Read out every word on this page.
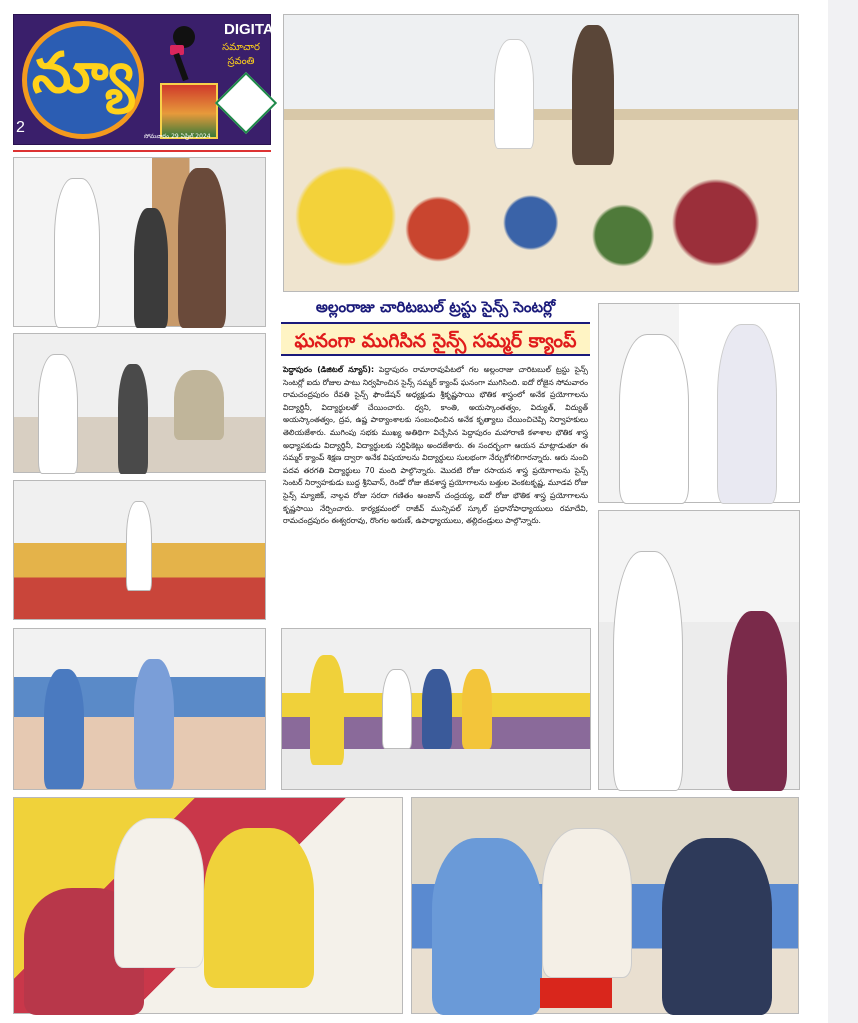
న్యూ
2
DIGITAL
సమాచార స్రవంతి
సోమవారం 29 ఏప్రిల్ 2024
అల్లంరాజు చారిటబుల్ ట్రస్టు సైన్స్ సెంటర్లో
ఘనంగా ముగిసిన సైన్స్ సమ్మర్ క్యాంప్
పెద్దాపురం (డిజిటల్ న్యూస్): పెద్దాపురం రామారావుపేటలో గల అల్లంరాజు చారిటబుల్ ట్రస్టు సైన్స్ సెంటర్లో ఐదు రోజుల పాటు నిర్వహించిన సైన్స్ సమ్మర్ క్యాంప్ ఘనంగా ముగిసింది. ఐదో రోజైన సోమవారం రామచంద్రపురం రేవతి సైన్స్ ఫౌండేషన్ అధ్యక్షుడు శ్రీకృష్ణసాయి భౌతిక శాస్త్రంలో అనేక ప్రయోగాలను విద్యార్థినీ, విద్యార్థులతో చేయించారు. ధ్వని, కాంతి, అయస్కాంతత్వం, విద్యుత్, విద్యుత్ అయస్కాంతత్వం, ద్రవ, ఉష్ణ పాఠ్యాంశాలకు సంబంధించిన అనేక కృత్యాలు చేయించిచెప్పి నిర్వాహకులు తెలియజేశారు. ముగింపు సభకు ముఖ్య అతిథిగా విచ్చేసిన పెద్దాపురం మహారాణి కళాశాల భౌతిక శాస్త్ర అధ్యాపకుడు విద్యార్థినీ, విద్యార్థులకు సర్టిఫికెట్లు అందజేశారు. ఈ సందర్భంగా ఆయన మాట్లాడుతూ ఈ సమ్మర్ క్యాంప్ శిక్షణ ద్వారా అనేక విషయాలను విద్యార్థులు సులభంగా నేర్చుకోగలిగారన్నారు. ఆరు నుంచి పదవ తరగతి విద్యార్థులు 70 మంది పాల్గొన్నారు. మొదటి రోజు రసాయన శాస్త్ర ప్రయోగాలను సైన్స్ సెంటర్ నిర్వాహకుడు బుద్ద శ్రీనివాస్, రెండో రోజు జీవశాస్త్ర ప్రయోగాలను బత్తుల వెంకటకృష్ణ, మూడవ రోజు సైన్స్ మ్యాజిక్, నాల్గవ రోజు సరదా గణితం అంజాన్ చంద్రయ్య, ఐదో రోజు భౌతిక శాస్త్ర ప్రయోగాలను కృష్ణసాయి నేర్పించారు. కార్యక్రమంలో రాజీవ్ మున్సిపల్ స్కూల్ ప్రధానోపాధ్యాయులు రమాదేవి, రామచంద్రపురం ఈశ్వరరావు, రొంగల అరుణ్, ఉపాధ్యాయులు, తల్లిదండ్రులు పాల్గొన్నారు.
